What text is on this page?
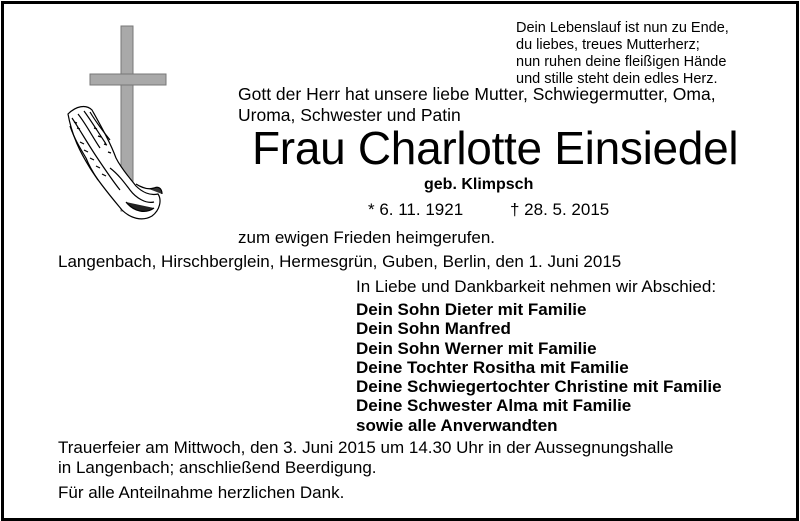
Dein Lebenslauf ist nun zu Ende,
du liebes, treues Mutterherz;
nun ruhen deine fleißigen Hände
und stille steht dein edles Herz.
Gott der Herr hat unsere liebe Mutter, Schwiegermutter, Oma,
Uroma, Schwester und Patin
Frau Charlotte Einsiedel
geb. Klimpsch
* 6. 11. 1921	† 28. 5. 2015
zum ewigen Frieden heimgerufen.
Langenbach, Hirschberglein, Hermesgrün, Guben, Berlin, den 1. Juni 2015
In Liebe und Dankbarkeit nehmen wir Abschied:
Dein Sohn Dieter mit Familie
Dein Sohn Manfred
Dein Sohn Werner mit Familie
Deine Tochter Rositha mit Familie
Deine Schwiegertochter Christine mit Familie
Deine Schwester Alma mit Familie
sowie alle Anverwandten
Trauerfeier am Mittwoch, den 3. Juni 2015 um 14.30 Uhr in der Aussegnungshalle
in Langenbach; anschließend Beerdigung.
Für alle Anteilnahme herzlichen Dank.
